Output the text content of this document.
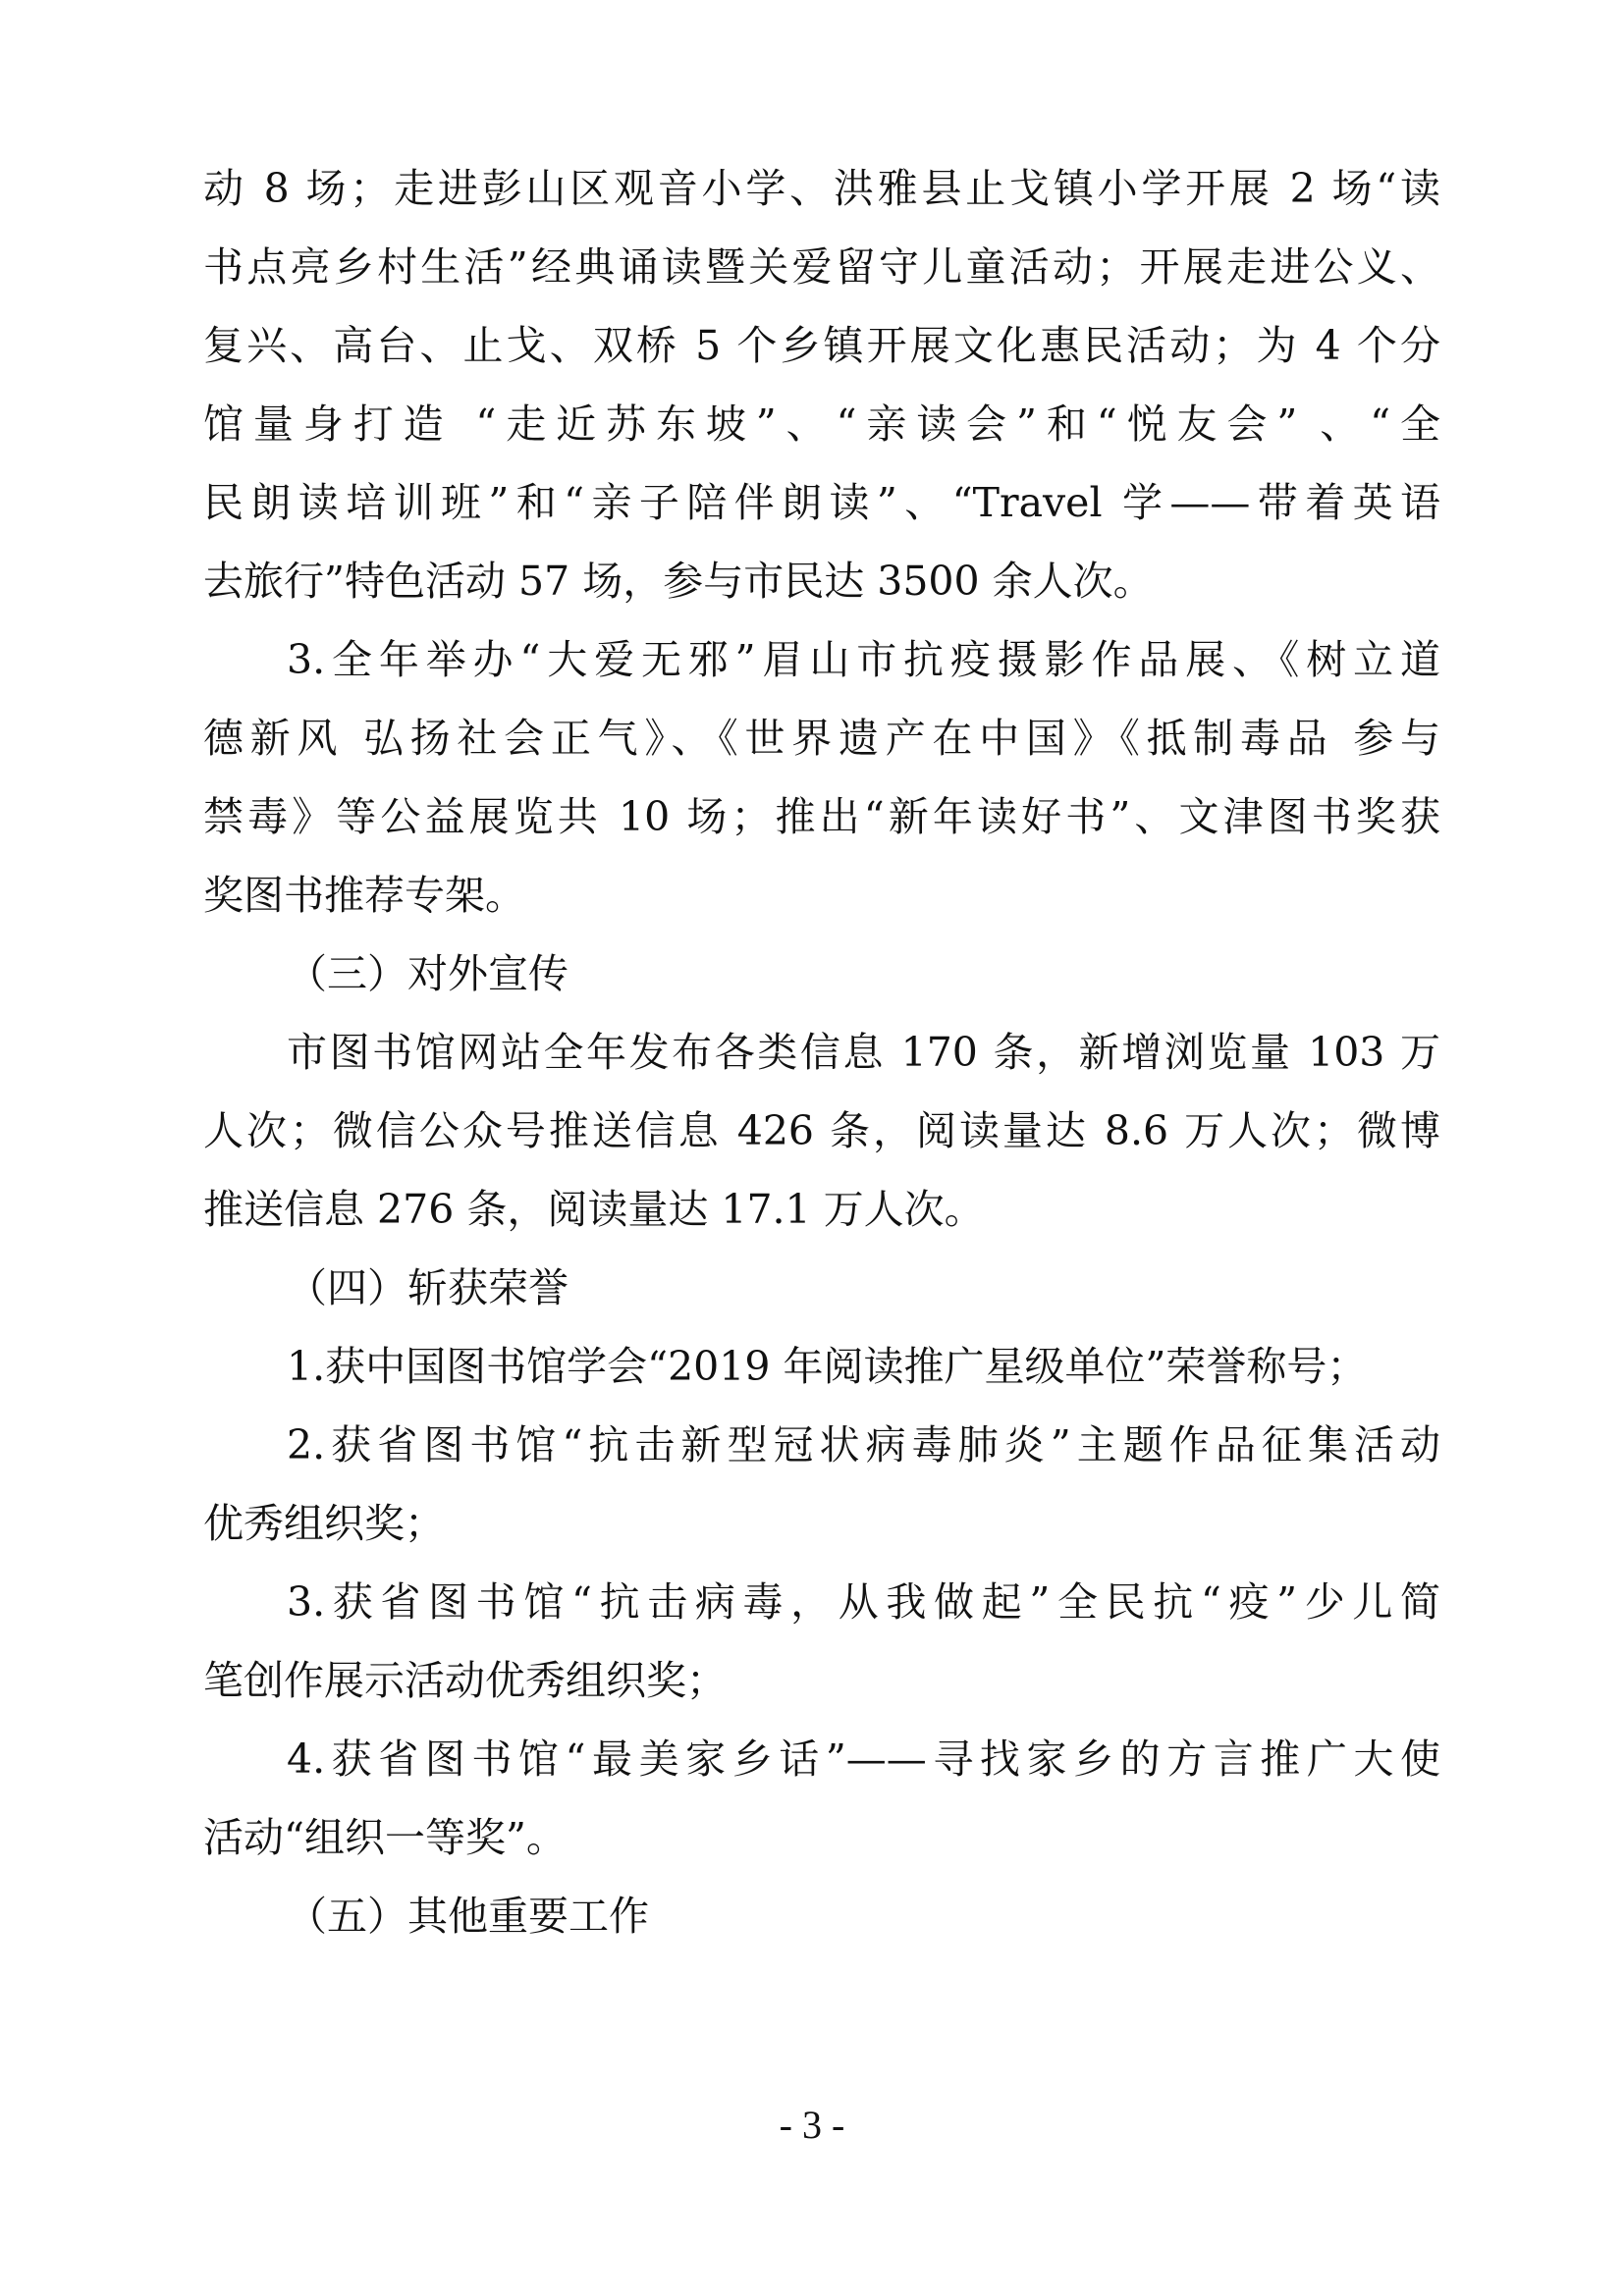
动 8 场；走进彭山区观音小学、洪雅县止戈镇小学开展 2 场“读
书点亮乡村生活”经典诵读暨关爱留守儿童活动；开展走进公义、
复兴、高台、止戈、双桥 5 个乡镇开展文化惠民活动；为 4 个分
馆量身打造 “走近苏东坡”、“亲读会”和“悦友会” 、“全
民朗读培训班”和“亲子陪伴朗读”、“Travel 学——带着英语
去旅行”特色活动 57 场，参与市民达 3500 余人次。
3.全年举办“大爱无邪”眉山市抗疫摄影作品展、《树立道
德新风 弘扬社会正气》、《世界遗产在中国》《抵制毒品 参与
禁毒》等公益展览共 10 场；推出“新年读好书”、文津图书奖获
奖图书推荐专架。
（三）对外宣传
市图书馆网站全年发布各类信息 170 条，新增浏览量 103 万
人次；微信公众号推送信息 426 条，阅读量达 8.6 万人次；微博
推送信息 276 条，阅读量达 17.1 万人次。
（四）斩获荣誉
1.获中国图书馆学会“2019 年阅读推广星级单位”荣誉称号；
2.获省图书馆“抗击新型冠状病毒肺炎”主题作品征集活动
优秀组织奖；
3.获省图书馆“抗击病毒，从我做起”全民抗“疫”少儿简
笔创作展示活动优秀组织奖；
4.获省图书馆“最美家乡话”——寻找家乡的方言推广大使
活动“组织一等奖”。
（五）其他重要工作
- 3 -
